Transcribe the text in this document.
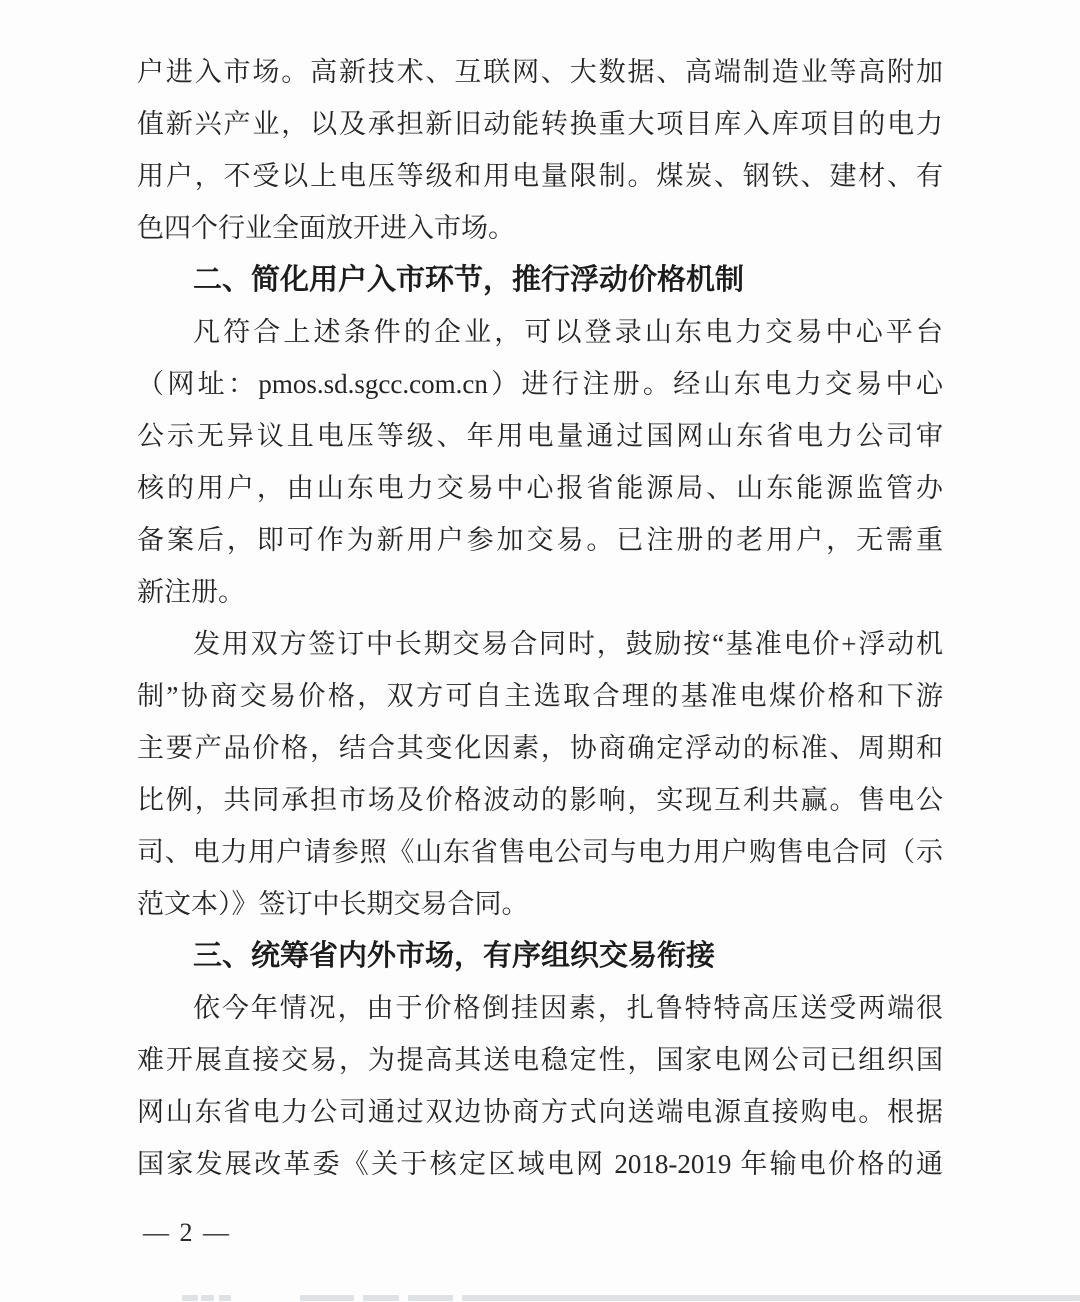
户进入市场。高新技术、互联网、大数据、高端制造业等高附加
值新兴产业，以及承担新旧动能转换重大项目库入库项目的电力
用户，不受以上电压等级和用电量限制。煤炭、钢铁、建材、有
色四个行业全面放开进入市场。
二、简化用户入市环节，推行浮动价格机制
凡符合上述条件的企业，可以登录山东电力交易中心平台
（网址：pmos.sd.sgcc.com.cn）进行注册。经山东电力交易中心
公示无异议且电压等级、年用电量通过国网山东省电力公司审
核的用户，由山东电力交易中心报省能源局、山东能源监管办
备案后，即可作为新用户参加交易。已注册的老用户，无需重
新注册。
发用双方签订中长期交易合同时，鼓励按“基准电价+浮动机
制”协商交易价格，双方可自主选取合理的基准电煤价格和下游
主要产品价格，结合其变化因素，协商确定浮动的标准、周期和
比例，共同承担市场及价格波动的影响，实现互利共赢。售电公
司、电力用户请参照《山东省售电公司与电力用户购售电合同（示
范文本）》签订中长期交易合同。
三、统筹省内外市场，有序组织交易衔接
依今年情况，由于价格倒挂因素，扎鲁特特高压送受两端很
难开展直接交易，为提高其送电稳定性，国家电网公司已组织国
网山东省电力公司通过双边协商方式向送端电源直接购电。根据
国家发展改革委《关于核定区域电网 2018-2019 年输电价格的通
— 2 —
